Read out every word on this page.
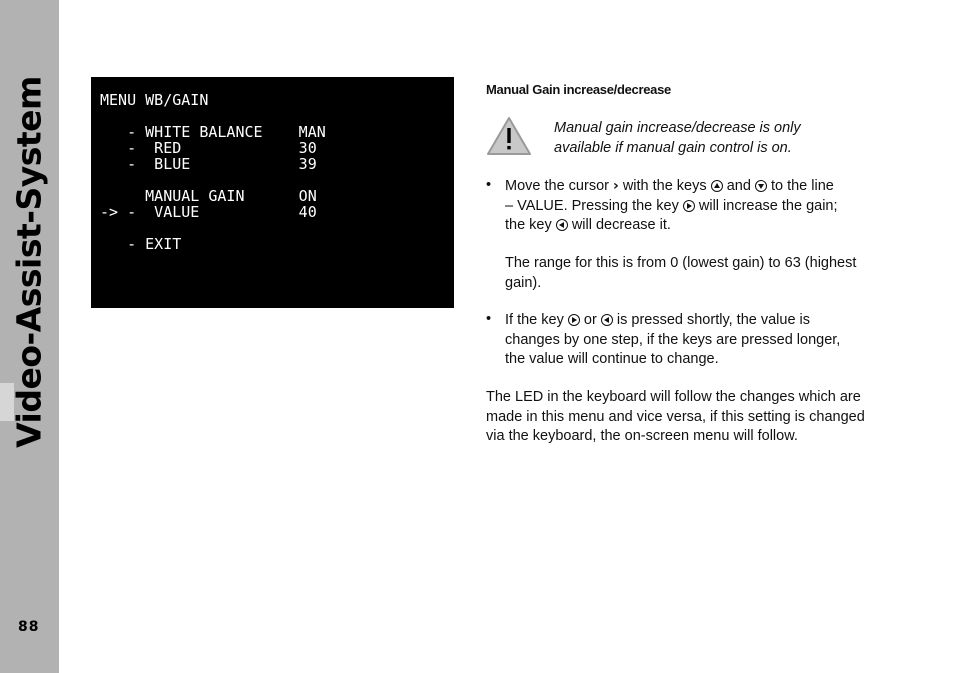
Video-Assist-System
88
MENU WB/GAIN

- WHITE BALANCE    MAN
-  RED             30
-  BLUE            39

MANUAL GAIN      ON
-> -  VALUE           40

- EXIT
Manual Gain increase/decrease
Manual gain increase/decrease is only available if manual gain control is on.
• Move the cursor › with the keys and to the line
– VALUE. Pressing the key will increase the gain;
the key will decrease it.
The range for this is from 0 (lowest gain) to 63 (highest gain).
• If the key or is pressed shortly, the value is
changes by one step, if the keys are pressed longer,
the value will continue to change.
The LED in the keyboard will follow the changes which are made in this menu and vice versa, if this setting is changed via the keyboard, the on-screen menu will follow.
